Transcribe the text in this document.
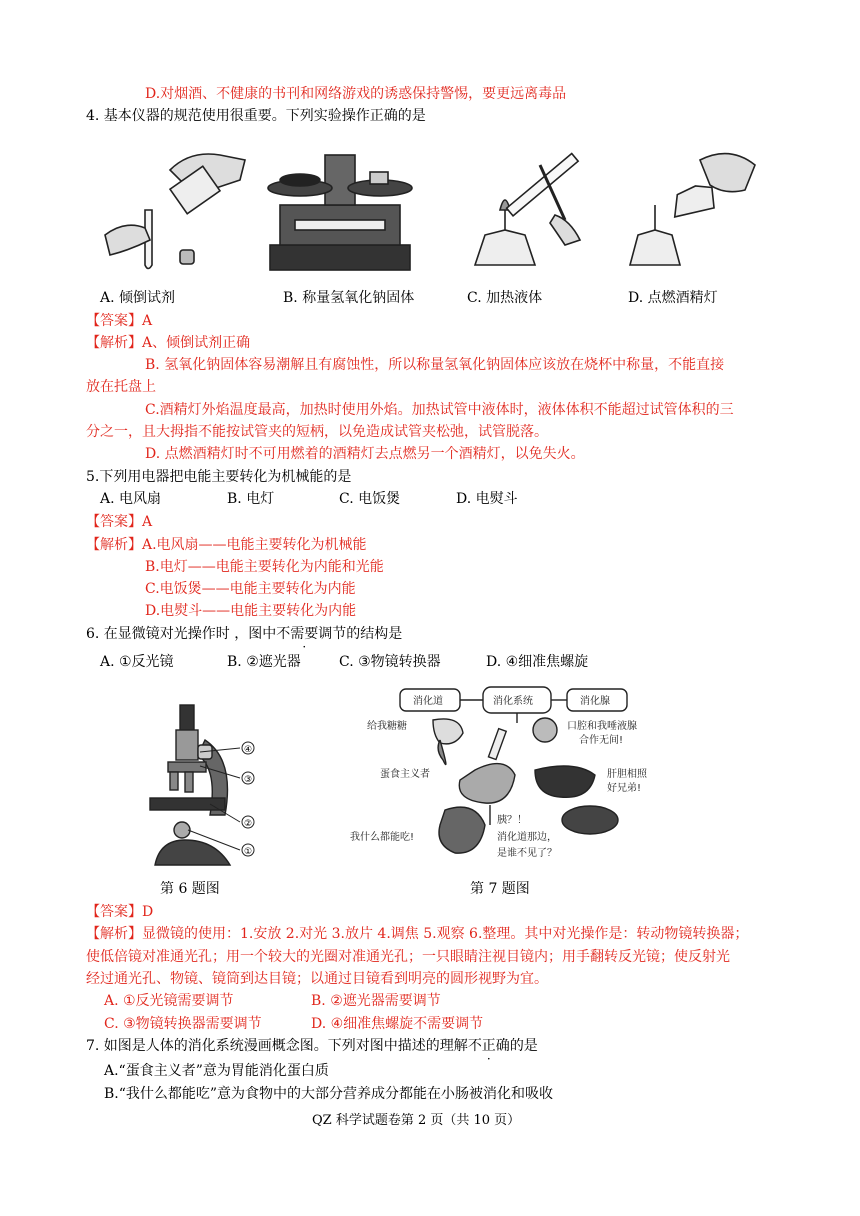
D.对烟酒、不健康的书刊和网络游戏的诱惑保持警惕，要更远离毒品
4. 基本仪器的规范使用很重要。下列实验操作正确的是
A. 倾倒试剂	B. 称量氢氧化钠固体	C. 加热液体	D. 点燃酒精灯
【答案】A
【解析】A、倾倒试剂正确
B. 氢氧化钠固体容易潮解且有腐蚀性，所以称量氢氧化钠固体应该放在烧杯中称量，不能直接
放在托盘上
C.酒精灯外焰温度最高，加热时使用外焰。加热试管中液体时，液体体积不能超过试管体积的三
分之一，且大拇指不能按试管夹的短柄，以免造成试管夹松弛，试管脱落。
D. 点燃酒精灯时不可用燃着的酒精灯去点燃另一个酒精灯，以免失火。
5.下列用电器把电能主要转化为机械能的是
A. 电风扇	B. 电灯	C. 电饭煲	D. 电熨斗
【答案】A
【解析】A.电风扇——电能主要转化为机械能
B.电灯——电能主要转化为内能和光能
C.电饭煲——电能主要转化为内能
D.电熨斗——电能主要转化为内能
6. 在显微镜对光操作时 ，图中不需要调节的结构是
A. ①反光镜	B. ②遮光器	C. ③物镜转换器	D. ④细准焦螺旋
④
③
②
①
消化道	消化系统	消化腺
给我糖糖	口腔和我唾液腺
合作无间!
蛋食主义者	肝胆相照
好兄弟!
胰？！
我什么都能吃!	消化道那边，
是谁不见了？
第 6 题图	第 7 题图
【答案】D
【解析】显微镜的使用：1.安放 2.对光 3.放片 4.调焦 5.观察 6.整理。其中对光操作是：转动物镜转换器；
使低倍镜对准通光孔；用一个较大的光圈对准通光孔；一只眼睛注视目镜内；用手翻转反光镜；使反射光
经过通光孔、物镜、镜筒到达目镜；以通过目镜看到明亮的圆形视野为宜。
A. ①反光镜需要调节	B. ②遮光器需要调节
C. ③物镜转换器需要调节	D. ④细准焦螺旋不需要调节
7. 如图是人体的消化系统漫画概念图。下列对图中描述的理解不正确的是
A.“蛋食主义者”意为胃能消化蛋白质
B.“我什么都能吃”意为食物中的大部分营养成分都能在小肠被消化和吸收
QZ 科学试题卷第 2 页（共 10 页）
